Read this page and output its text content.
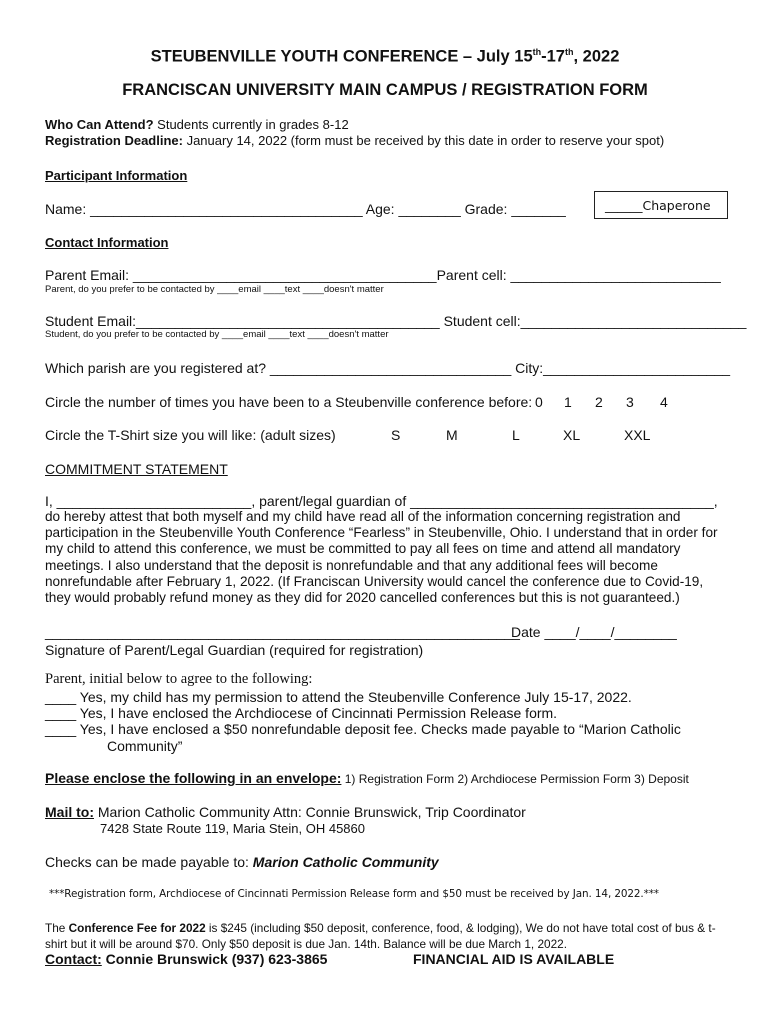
STEUBENVILLE YOUTH CONFERENCE – July 15th-17th, 2022
FRANCISCAN UNIVERSITY MAIN CAMPUS / REGISTRATION FORM
Who Can Attend? Students currently in grades 8-12
Registration Deadline: January 14, 2022 (form must be received by this date in order to reserve your spot)
Participant Information
Name: ___________________________________ Age: ________ Grade: _______	______Chaperone
Contact Information
Parent Email: _______________________________________Parent cell: ___________________________
Parent, do you prefer to be contacted by ____email ____text ____doesn't matter
Student Email:_______________________________________ Student cell:_____________________________
Student, do you prefer to be contacted by ____email ____text ____doesn't matter
Which parish are you registered at? _______________________________ City:________________________
Circle the number of times you have been to a Steubenville conference before: 0 1 2 3 4
Circle the T-Shirt size you will like: (adult sizes)	S	M	L	XL	XXL
COMMITMENT STATEMENT
I, _________________________, parent/legal guardian of _______________________________________,
do hereby attest that both myself and my child have read all of the information concerning registration and participation in the Steubenville Youth Conference “Fearless” in Steubenville, Ohio. I understand that in order for my child to attend this conference, we must be committed to pay all fees on time and attend all mandatory meetings. I also understand that the deposit is nonrefundable and that any additional fees will become nonrefundable after February 1, 2022. (If Franciscan University would cancel the conference due to Covid-19, they would probably refund money as they did for 2020 cancelled conferences but this is not guaranteed.)
_____________________________________________________________
Date ____/____/________
Signature of Parent/Legal Guardian (required for registration)
Parent, initial below to agree to the following:
____ Yes, my child has my permission to attend the Steubenville Conference July 15-17, 2022.
____ Yes, I have enclosed the Archdiocese of Cincinnati Permission Release form.
____ Yes, I have enclosed a $50 nonrefundable deposit fee. Checks made payable to “Marion Catholic
Community”
Please enclose the following in an envelope: 1) Registration Form 2) Archdiocese Permission Form 3) Deposit
Mail to: Marion Catholic Community Attn: Connie Brunswick, Trip Coordinator
7428 State Route 119, Maria Stein, OH 45860
Checks can be made payable to: Marion Catholic Community
***Registration form, Archdiocese of Cincinnati Permission Release form and $50 must be received by Jan. 14, 2022.***
The Conference Fee for 2022 is $245 (including $50 deposit, conference, food, & lodging), We do not have total cost of bus & t-shirt but it will be around $70. Only $50 deposit is due Jan. 14th. Balance will be due March 1, 2022.
Contact: Connie Brunswick (937) 623-3865	FINANCIAL AID IS AVAILABLE
